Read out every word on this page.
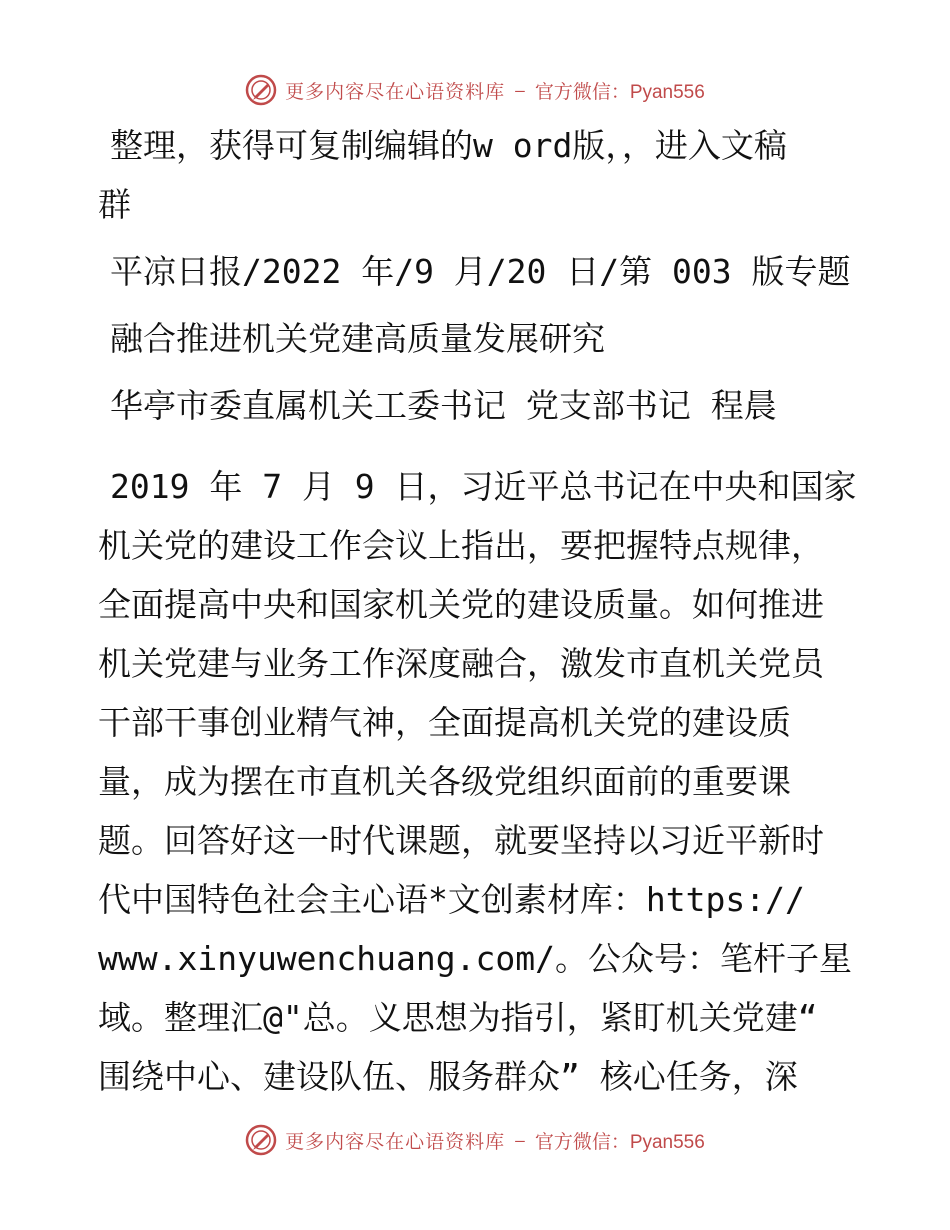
更多内容尽在心语资料库 — 官方微信：Pyan556
整理，获得可复制编辑的w ord版，，进入文稿
群
平凉日报/2022 年/9 月/20 日/第 003 版专题
融合推进机关党建高质量发展研究
华亭市委直属机关工委书记 党支部书记 程晨
2019 年 7 月 9 日，习近平总书记在中央和国家
机关党的建设工作会议上指出，要把握特点规律，
全面提高中央和国家机关党的建设质量。如何推进
机关党建与业务工作深度融合，激发市直机关党员
干部干事创业精气神，全面提高机关党的建设质
量，成为摆在市直机关各级党组织面前的重要课
题。回答好这一时代课题，就要坚持以习近平新时
代中国特色社会主心语*文创素材库：https://
www.xinyuwenchuang.com/。公众号：笔杆子星
域。整理汇@"总。义思想为指引，紧盯机关党建“
围绕中心、建设队伍、服务群众” 核心任务，深
更多内容尽在心语资料库 — 官方微信：Pyan556
